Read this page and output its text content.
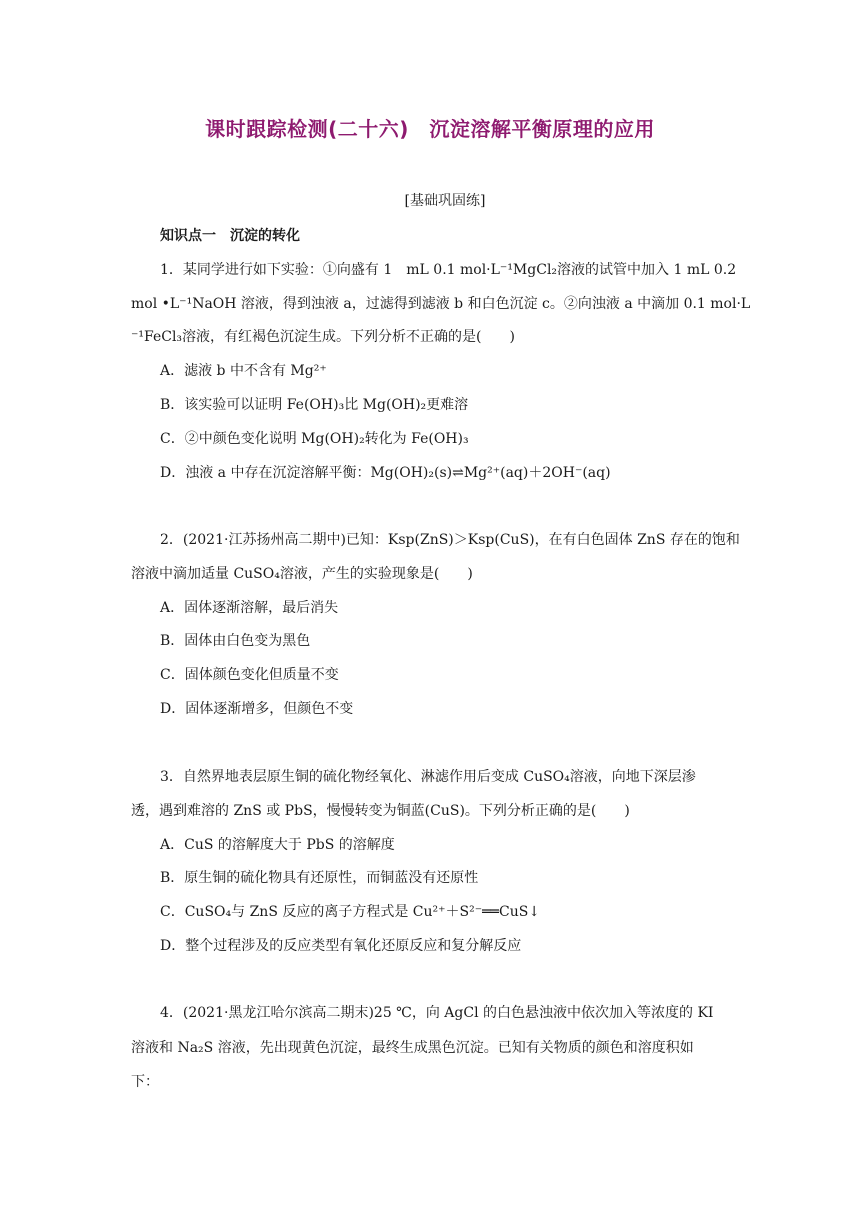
课时跟踪检测(二十六)　沉淀溶解平衡原理的应用
[基础巩固练]
知识点一　沉淀的转化
1．某同学进行如下实验：①向盛有 1　mL 0.1 mol·L⁻¹MgCl₂溶液的试管中加入 1 mL 0.2
mol •L⁻¹NaOH 溶液，得到浊液 a，过滤得到滤液 b 和白色沉淀 c。②向浊液 a 中滴加 0.1 mol·L
⁻¹FeCl₃溶液，有红褐色沉淀生成。下列分析不正确的是(　　)
A．滤液 b 中不含有 Mg²⁺
B．该实验可以证明 Fe(OH)₃比 Mg(OH)₂更难溶
C．②中颜色变化说明 Mg(OH)₂转化为 Fe(OH)₃
D．浊液 a 中存在沉淀溶解平衡：Mg(OH)₂(s)⇌Mg²⁺(aq)＋2OH⁻(aq)
2．(2021·江苏扬州高二期中)已知：Ksp(ZnS)＞Ksp(CuS)，在有白色固体 ZnS 存在的饱和
溶液中滴加适量 CuSO₄溶液，产生的实验现象是(　　)
A．固体逐渐溶解，最后消失
B．固体由白色变为黑色
C．固体颜色变化但质量不变
D．固体逐渐增多，但颜色不变
3．自然界地表层原生铜的硫化物经氧化、淋滤作用后变成 CuSO₄溶液，向地下深层渗
透，遇到难溶的 ZnS 或 PbS，慢慢转变为铜蓝(CuS)。下列分析正确的是(　　)
A．CuS 的溶解度大于 PbS 的溶解度
B．原生铜的硫化物具有还原性，而铜蓝没有还原性
C．CuSO₄与 ZnS 反应的离子方程式是 Cu²⁺＋S²⁻══CuS↓
D．整个过程涉及的反应类型有氧化还原反应和复分解反应
4．(2021·黑龙江哈尔滨高二期末)25 ℃，向 AgCl 的白色悬浊液中依次加入等浓度的 KI
溶液和 Na₂S 溶液，先出现黄色沉淀，最终生成黑色沉淀。已知有关物质的颜色和溶度积如
下：
